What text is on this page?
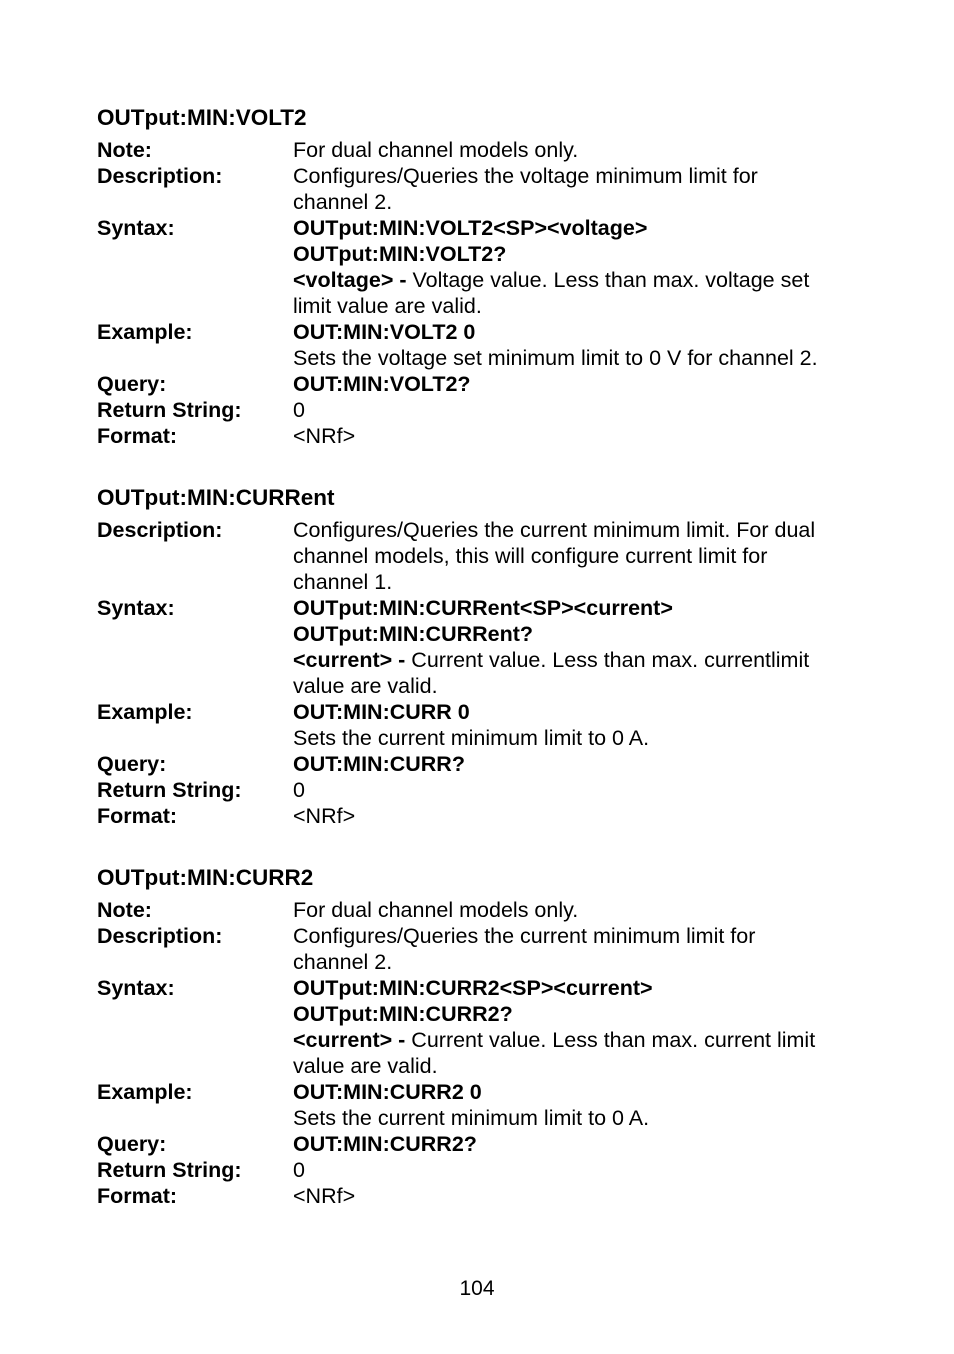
OUTput:MIN:VOLT2
Note:	For dual channel models only.
Description:	Configures/Queries the voltage minimum limit for
channel 2.
Syntax:	OUTput:MIN:VOLT2<SP><voltage>
OUTput:MIN:VOLT2?
<voltage> - Voltage value. Less than max. voltage set
limit value are valid.
Example:	OUT:MIN:VOLT2 0
Sets the voltage set minimum limit to 0 V for channel 2.
Query:	OUT:MIN:VOLT2?
Return String:	0
Format:	<NRf>
OUTput:MIN:CURRent
Description:	Configures/Queries the current minimum limit. For dual
channel models, this will configure current limit for
channel 1.
Syntax:	OUTput:MIN:CURRent<SP><current>
OUTput:MIN:CURRent?
<current> - Current value. Less than max. currentlimit
value are valid.
Example:	OUT:MIN:CURR 0
Sets the current minimum limit to 0 A.
Query:	OUT:MIN:CURR?
Return String:	0
Format:	<NRf>
OUTput:MIN:CURR2
Note:	For dual channel models only.
Description:	Configures/Queries the current minimum limit for
channel 2.
Syntax:	OUTput:MIN:CURR2<SP><current>
OUTput:MIN:CURR2?
<current> - Current value. Less than max. current limit
value are valid.
Example:	OUT:MIN:CURR2 0
Sets the current minimum limit to 0 A.
Query:	OUT:MIN:CURR2?
Return String:	0
Format:	<NRf>
104
